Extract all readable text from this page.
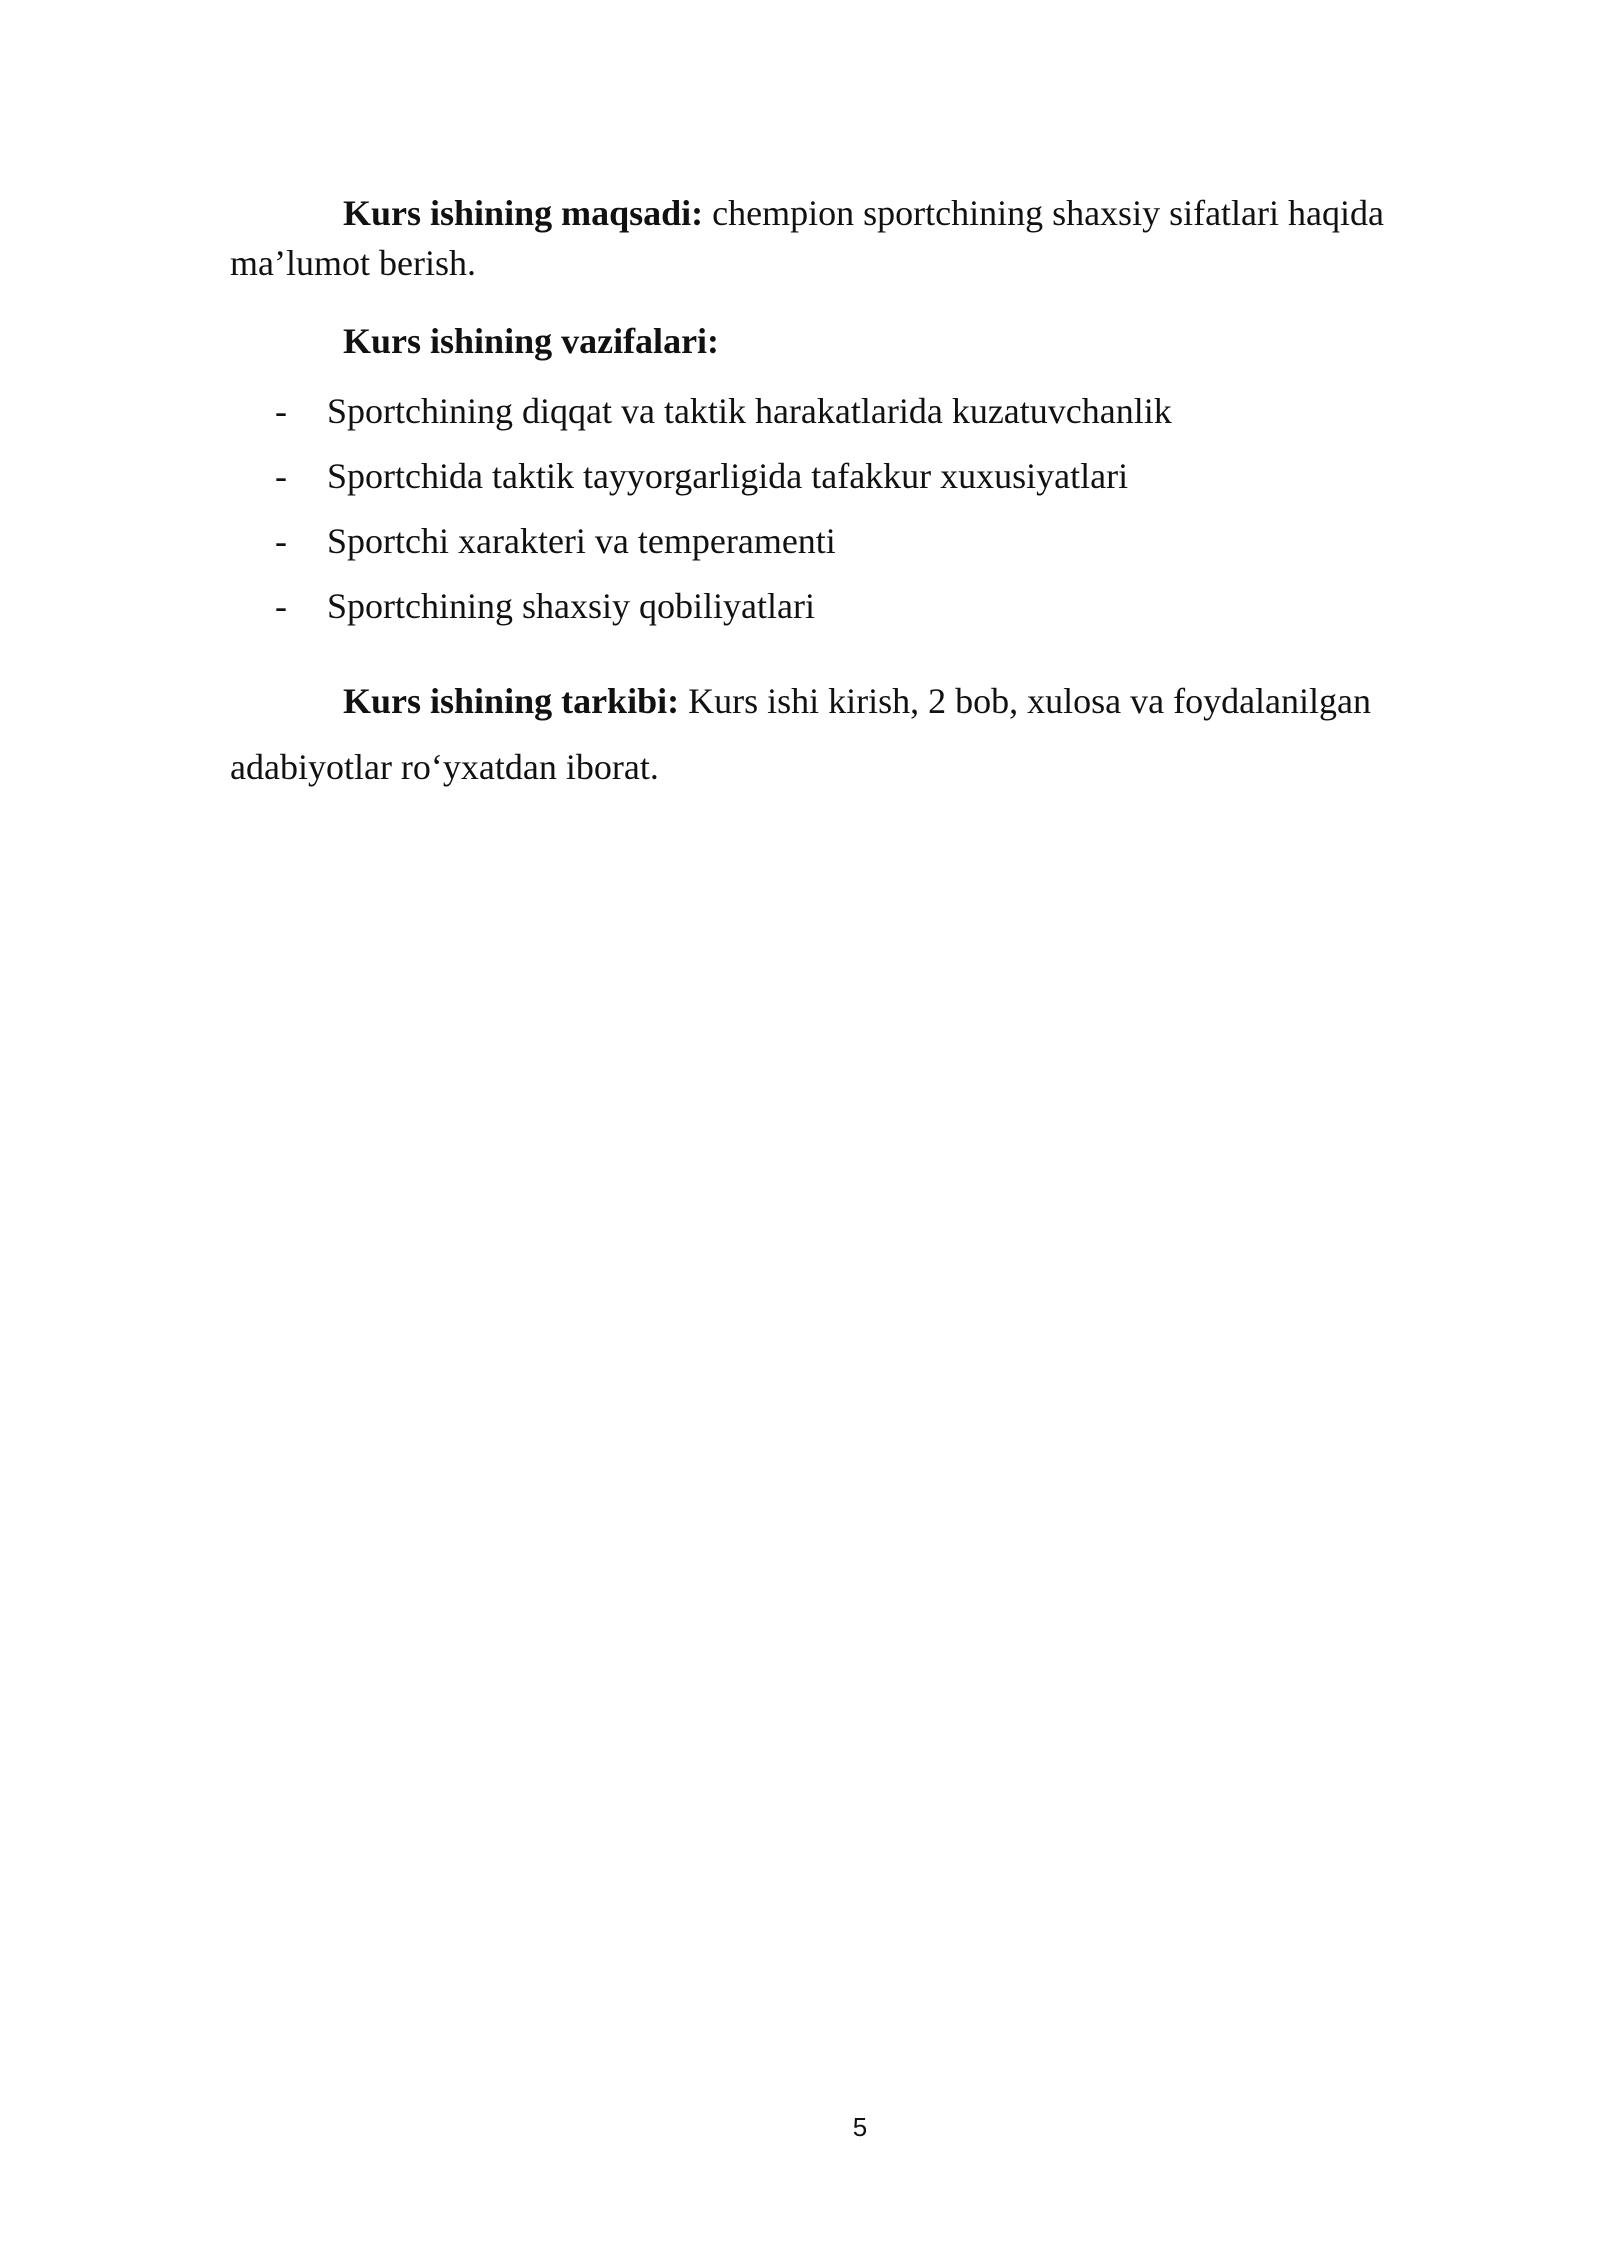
Kurs ishining maqsadi: chempion sportchining shaxsiy sifatlari haqida ma’lumot berish.

Kurs ishining vazifalari:

- Sportchining diqqat va taktik harakatlarida kuzatuvchanlik
- Sportchida taktik tayyorgarligida tafakkur xuxusiyatlari
- Sportchi xarakteri va temperamenti
- Sportchining shaxsiy qobiliyatlari

Kurs ishining tarkibi: Kurs ishi kirish, 2 bob, xulosa va foydalanilgan adabiyotlar ro‘yxatdan iborat.

5
